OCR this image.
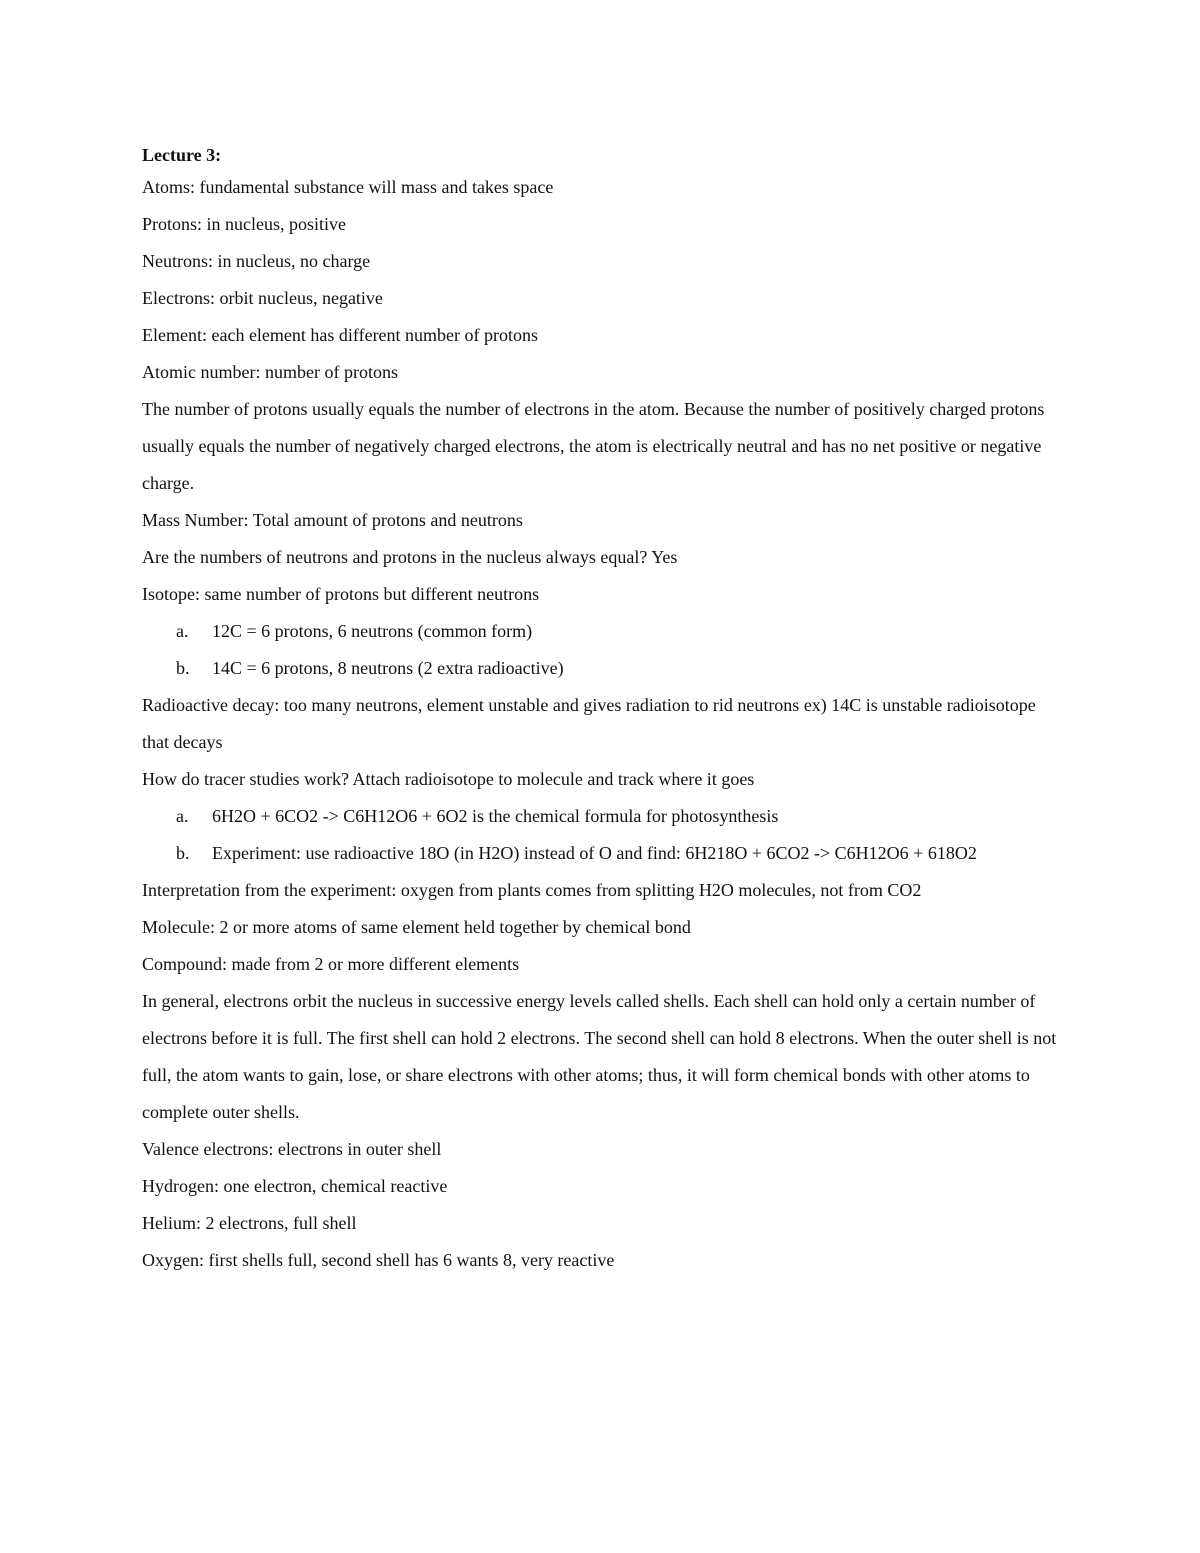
Lecture 3:

Atoms: fundamental substance will mass and takes space

Protons: in nucleus, positive

Neutrons: in nucleus, no charge

Electrons: orbit nucleus, negative

Element: each element has different number of protons

Atomic number: number of protons

The number of protons usually equals the number of electrons in the atom. Because the number of positively charged protons usually equals the number of negatively charged electrons, the atom is electrically neutral and has no net positive or negative charge.

Mass Number: Total amount of protons and neutrons

Are the numbers of neutrons and protons in the nucleus always equal? Yes

Isotope: same number of protons but different neutrons

a. 12C = 6 protons, 6 neutrons (common form)
b. 14C = 6 protons, 8 neutrons (2 extra radioactive)

Radioactive decay: too many neutrons, element unstable and gives radiation to rid neutrons ex) 14C is unstable radioisotope that decays

How do tracer studies work? Attach radioisotope to molecule and track where it goes

a. 6H2O + 6CO2 -> C6H12O6 + 6O2 is the chemical formula for photosynthesis
b. Experiment: use radioactive 18O (in H2O) instead of O and find: 6H218O + 6CO2 -> C6H12O6 + 618O2

Interpretation from the experiment: oxygen from plants comes from splitting H2O molecules, not from CO2

Molecule: 2 or more atoms of same element held together by chemical bond

Compound: made from 2 or more different elements

In general, electrons orbit the nucleus in successive energy levels called shells. Each shell can hold only a certain number of electrons before it is full. The first shell can hold 2 electrons. The second shell can hold 8 electrons. When the outer shell is not full, the atom wants to gain, lose, or share electrons with other atoms; thus, it will form chemical bonds with other atoms to complete outer shells.

Valence electrons: electrons in outer shell

Hydrogen: one electron, chemical reactive

Helium: 2 electrons, full shell

Oxygen: first shells full, second shell has 6 wants 8, very reactive
